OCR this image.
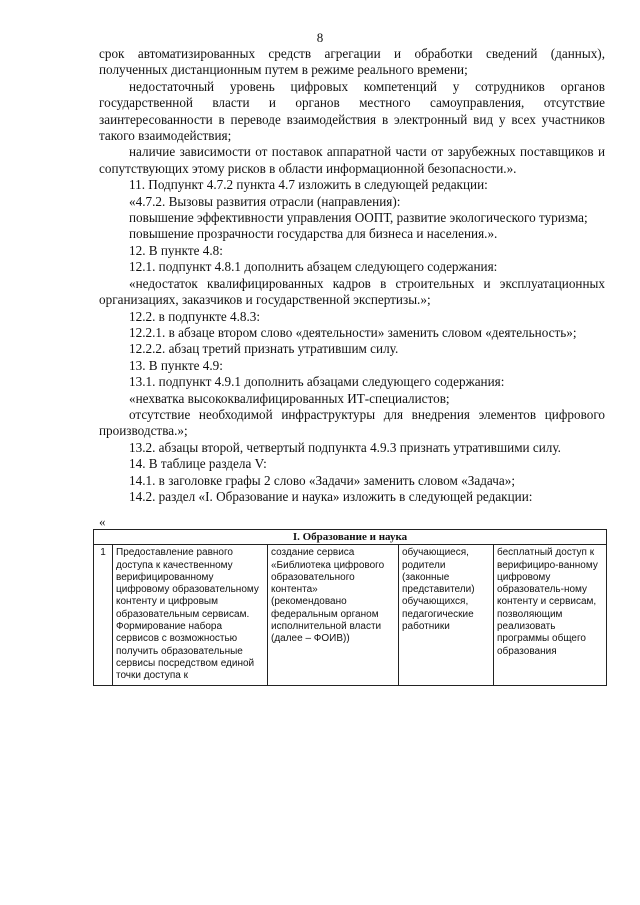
8

срок автоматизированных средств агрегации и обработки сведений (данных), полученных дистанционным путем в режиме реального времени;

недостаточный уровень цифровых компетенций у сотрудников органов государственной власти и органов местного самоуправления, отсутствие заинтересованности в переводе взаимодействия в электронный вид у всех участников такого взаимодействия;

наличие зависимости от поставок аппаратной части от зарубежных поставщиков и сопутствующих этому рисков в области информационной безопасности.».

11. Подпункт 4.7.2 пункта 4.7 изложить в следующей редакции:

«4.7.2. Вызовы развития отрасли (направления):

повышение эффективности управления ООПТ, развитие экологического туризма;

повышение прозрачности государства для бизнеса и населения.».

12. В пункте 4.8:

12.1. подпункт 4.8.1 дополнить абзацем следующего содержания:

«недостаток квалифицированных кадров в строительных и эксплуатационных организациях, заказчиков и государственной экспертизы.»;

12.2. в подпункте 4.8.3:

12.2.1. в абзаце втором слово «деятельности» заменить словом «деятельность»;

12.2.2. абзац третий признать утратившим силу.

13. В пункте 4.9:

13.1. подпункт 4.9.1 дополнить абзацами следующего содержания:

«нехватка высококвалифицированных ИТ-специалистов;

отсутствие необходимой инфраструктуры для внедрения элементов цифрового производства.»;

13.2. абзацы второй, четвертый подпункта 4.9.3 признать утратившими силу.

14. В таблице раздела V:

14.1. в заголовке графы 2 слово «Задачи» заменить словом «Задача»;

14.2. раздел «I. Образование и наука» изложить в следующей редакции:

«
I. Образование и наука
1	Предоставление равного доступа к качественному верифицированному цифровому образовательному контенту и цифровым образовательным сервисам. Формирование набора сервисов с возможностью получить образовательные сервисы посредством единой точки доступа к	создание сервиса «Библиотека цифрового образовательного контента» (рекомендовано федеральным органом исполнительной власти (далее – ФОИВ))	обучающиеся, родители (законные представители) обучающихся, педагогические работники	бесплатный доступ к верифициро-ванному цифровому образователь-ному контенту и сервисам, позволяющим реализовать программы общего образования
